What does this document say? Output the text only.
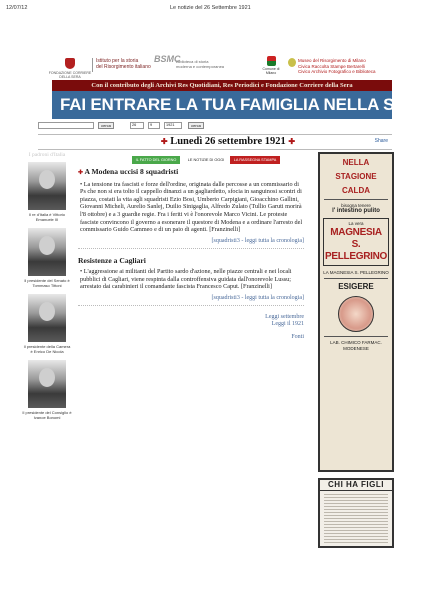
12/07/12	Le notizie del 26 Settembre 1921
FONDAZIONE CORRIERE DELLA SERA
Istituto per la storia
del Risorgimento italiano
BSMC
Biblioteca di storia
moderna e contemporanea	Comune di Milano
Museo del Risorgimento di Milano
Civica Raccolta Stampe Bertarelli
Civico Archivio Fotografico e Biblioteca
Con il contributo degli Archivi Res Quotidiani, Res Periodici e Fondazione Corriere della Sera
FAI ENTRARE LA TUA FAMIGLIA NELLA STORIA
cerca	26	9	1921	cerca
✚ Lunedì 26 settembre 1921 ✚	Share
I padroni d'Italia
Il re d'Italia è Vittorio Emanuele III
Il presidente del Senato è Tommaso Tittoni
Il presidente della Camera è Enrico De Nicola
Il presidente del Consiglio è Ivanoe Bonomi
IL FATTO DEL GIORNO	LE NOTIZIE DI OGGI	LA RASSEGNA STAMPA
✚ A Modena uccisi 8 squadristi
• La tensione tra fascisti e forze dell'ordine, originata dalle percosse a un commissario di Ps che non si era tolto il cappello dinanzi a un gagliardetto, sfocia in sanguinosi scontri di piazza, costati la vita agli squadristi Ezio Bosi, Umberto Carpigiani, Gioacchino Gallini, Giovanni Micheli, Aurelio Sanlej, Duilio Sinigaglia, Alfredo Zulato (Tullio Garuti morirà l'8 ottobre) e a 3 guardie regie. Fra i feriti vi è l'onorevole Marco Vicini. Le proteste fasciste convincono il governo a esonerare il questore di Modena e a ordinare l'arresto del commissario Guido Cammeo e di un paio di agenti. [Franzinelli]
[squadristi3 - leggi tutta la cronologia]
Resistenze a Cagliari
• L'aggressione ai militanti del Partito sardo d'azione, nelle piazze centrali e nei locali pubblici di Cagliari, viene respinta dalla controffensiva guidata dall'onorevole Lussu; arrestato dai carabinieri il comandante fascista Francesco Caput. [Franzinelli]
[squadristi3 - leggi tutta la cronologia]
Leggi settembre
Leggi il 1921
Fonti
NELLA
STAGIONE
CALDA
bisogna tenere
l' intestino pulito
La vera
MAGNESIA
S. PELLEGRINO
LA MAGNESIA S. PELLEGRINO
ESIGERE
LAB. CHIMICO FARMAC. MODENESE
CHI HA FIGLI
